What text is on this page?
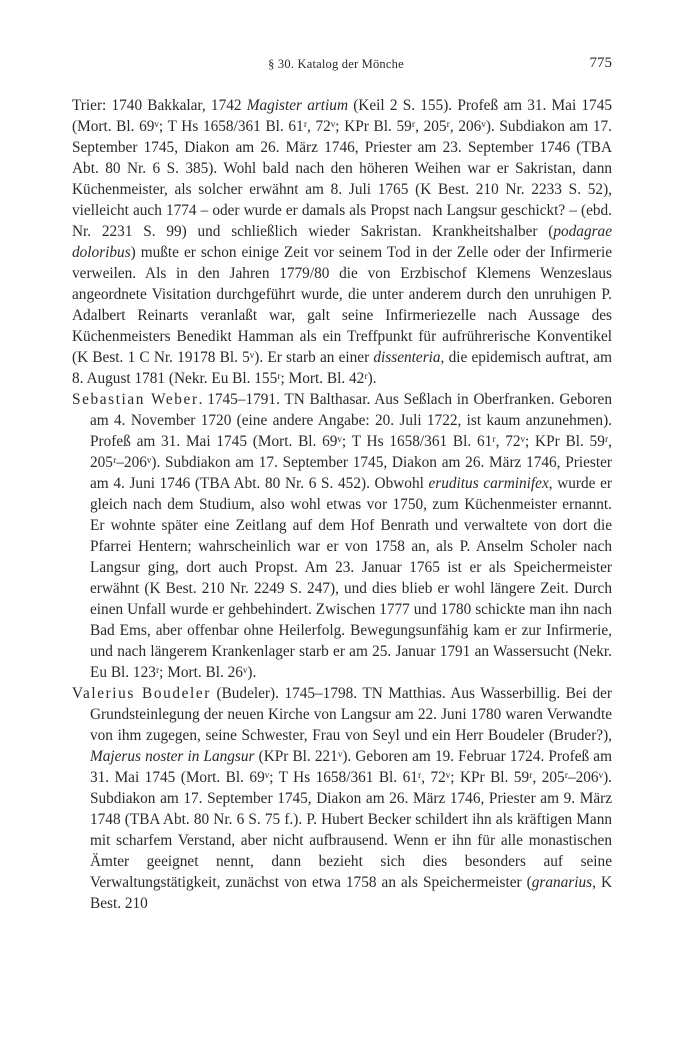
§ 30. Katalog der Mönche	775

Trier: 1740 Bakkalar, 1742 Magister artium (Keil 2 S. 155). Profeß am 31. Mai 1745 (Mort. Bl. 69ᵛ; T Hs 1658/361 Bl. 61ʳ, 72ᵛ; KPr Bl. 59ʳ, 205ʳ, 206ᵛ). Subdiakon am 17. September 1745, Diakon am 26. März 1746, Priester am 23. September 1746 (TBA Abt. 80 Nr. 6 S. 385). Wohl bald nach den höheren Weihen war er Sakristan, dann Küchenmeister, als solcher erwähnt am 8. Juli 1765 (K Best. 210 Nr. 2233 S. 52), vielleicht auch 1774 – oder wurde er damals als Propst nach Langsur geschickt? – (ebd. Nr. 2231 S. 99) und schließlich wieder Sakristan. Krankheitshalber (podagrae doloribus) mußte er schon einige Zeit vor seinem Tod in der Zelle oder der Infirmerie verweilen. Als in den Jahren 1779/80 die von Erzbischof Klemens Wenzeslaus angeordnete Visitation durchgeführt wurde, die unter anderem durch den unruhigen P. Adalbert Reinarts veranlaßt war, galt seine Infirmeriezelle nach Aussage des Küchenmeisters Benedikt Hamman als ein Treffpunkt für aufrührerische Konventikel (K Best. 1 C Nr. 19178 Bl. 5ᵛ). Er starb an einer dissenteria, die epidemisch auftrat, am 8. August 1781 (Nekr. Eu Bl. 155ʳ; Mort. Bl. 42ʳ).

Sebastian Weber. 1745–1791. TN Balthasar. Aus Seßlach in Oberfranken. Geboren am 4. November 1720 (eine andere Angabe: 20. Juli 1722, ist kaum anzunehmen). Profeß am 31. Mai 1745 (Mort. Bl. 69ᵛ; T Hs 1658/361 Bl. 61ʳ, 72ᵛ; KPr Bl. 59ʳ, 205ʳ–206ᵛ). Subdiakon am 17. September 1745, Diakon am 26. März 1746, Priester am 4. Juni 1746 (TBA Abt. 80 Nr. 6 S. 452). Obwohl eruditus carminifex, wurde er gleich nach dem Studium, also wohl etwas vor 1750, zum Küchenmeister ernannt. Er wohnte später eine Zeitlang auf dem Hof Benrath und verwaltete von dort die Pfarrei Hentern; wahrscheinlich war er von 1758 an, als P. Anselm Scholer nach Langsur ging, dort auch Propst. Am 23. Januar 1765 ist er als Speichermeister erwähnt (K Best. 210 Nr. 2249 S. 247), und dies blieb er wohl längere Zeit. Durch einen Unfall wurde er gehbehindert. Zwischen 1777 und 1780 schickte man ihn nach Bad Ems, aber offenbar ohne Heilerfolg. Bewegungsunfähig kam er zur Infirmerie, und nach längerem Krankenlager starb er am 25. Januar 1791 an Wassersucht (Nekr. Eu Bl. 123ʳ; Mort. Bl. 26ᵛ).

Valerius Boudeler (Budeler). 1745–1798. TN Matthias. Aus Wasserbillig. Bei der Grundsteinlegung der neuen Kirche von Langsur am 22. Juni 1780 waren Verwandte von ihm zugegen, seine Schwester, Frau von Seyl und ein Herr Boudeler (Bruder?), Majerus noster in Langsur (KPr Bl. 221ᵛ). Geboren am 19. Februar 1724. Profeß am 31. Mai 1745 (Mort. Bl. 69ᵛ; T Hs 1658/361 Bl. 61ʳ, 72ᵛ; KPr Bl. 59ʳ, 205ʳ–206ᵛ). Subdiakon am 17. September 1745, Diakon am 26. März 1746, Priester am 9. März 1748 (TBA Abt. 80 Nr. 6 S. 75 f.). P. Hubert Becker schildert ihn als kräftigen Mann mit scharfem Verstand, aber nicht aufbrausend. Wenn er ihn für alle monastischen Ämter geeignet nennt, dann bezieht sich dies besonders auf seine Verwaltungstätigkeit, zunächst von etwa 1758 an als Speichermeister (granarius, K Best. 210
